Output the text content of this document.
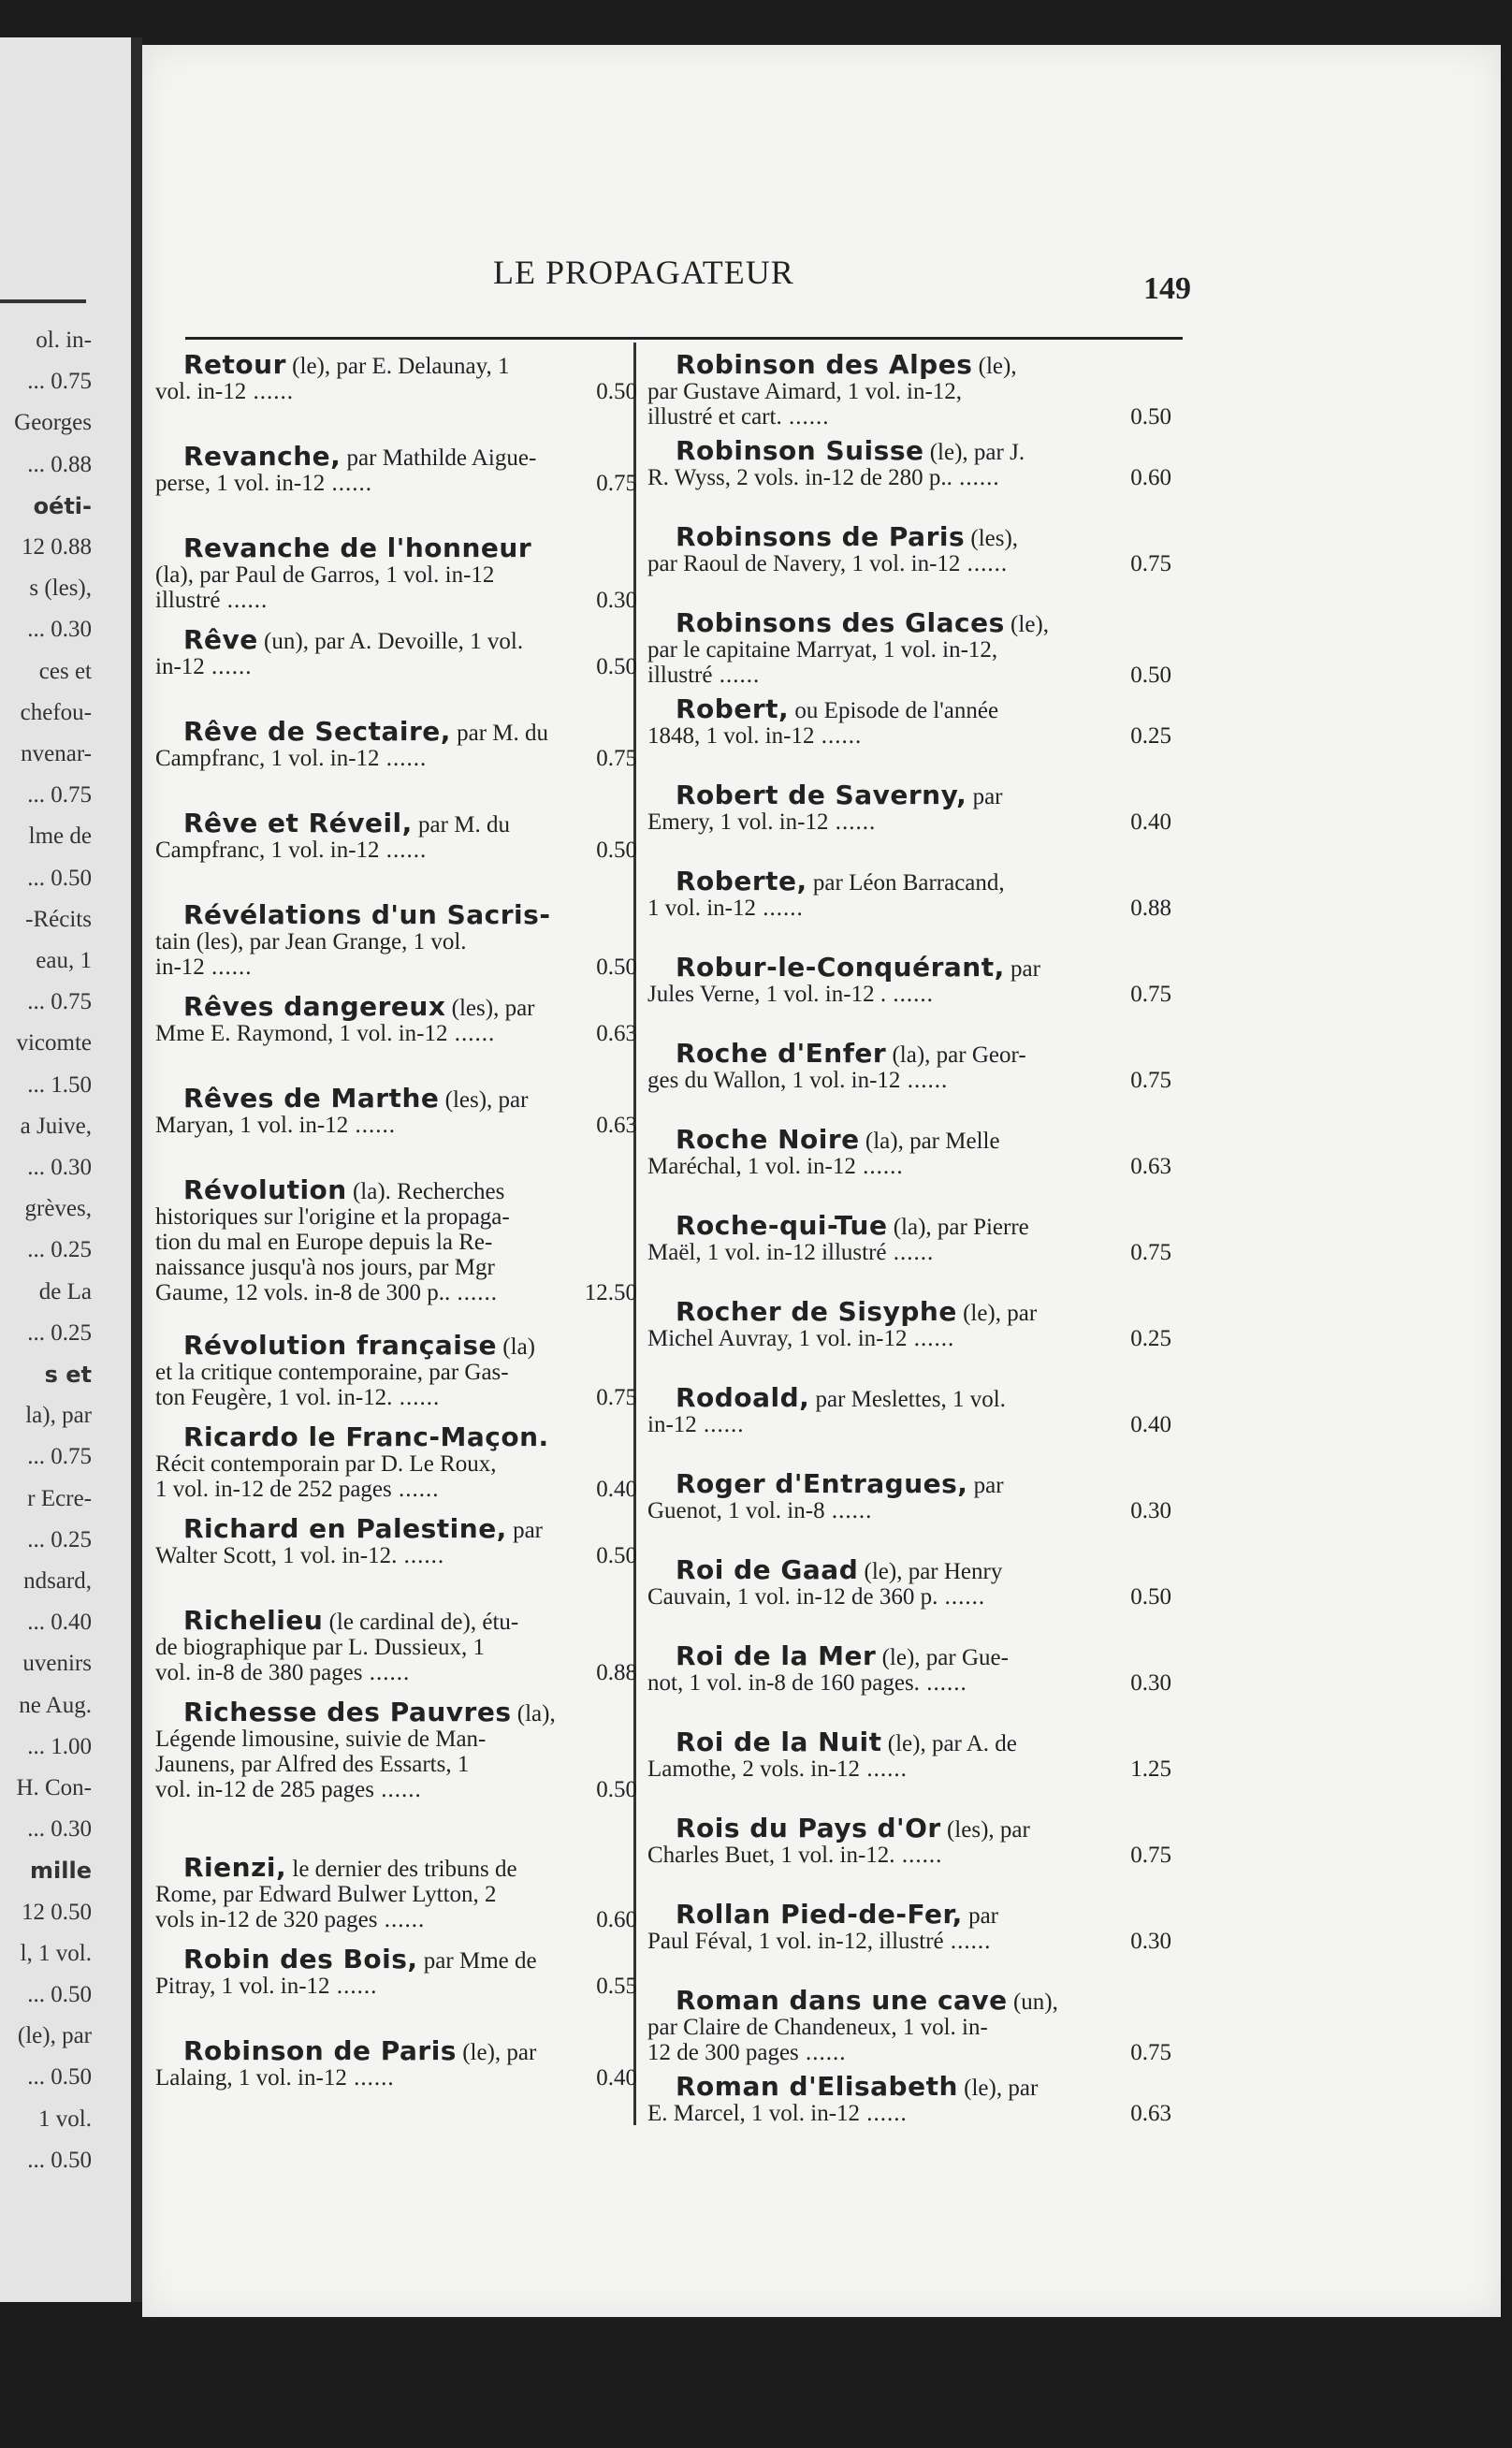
ol. in-
... 0.75
Georges
... 0.88
oéti-
12 0.88
s (les),
... 0.30
ces et
chefou-
nvenar-
... 0.75
lme de
... 0.50
-Récits
eau, 1
... 0.75
vicomte
... 1.50
a Juive,
... 0.30
grèves,
... 0.25
de La
... 0.25
s et
la), par
... 0.75
r Ecre-
... 0.25
ndsard,
... 0.40
uvenirs
ne Aug.
... 1.00
H. Con-
... 0.30
mille
12 0.50
l, 1 vol.
... 0.50
(le), par
... 0.50
1 vol.
... 0.50
LE PROPAGATEUR	149

Retour (le), par E. Delaunay, 1

vol. in-12 ......	0.50

Revanche, par Mathilde Aigue-

perse, 1 vol. in-12 ......	0.75

Revanche de l'honneur

(la), par Paul de Garros, 1 vol. in-12

illustré ......	0.30

Rêve (un), par A. Devoille, 1 vol.

in-12 ......	0.50

Rêve de Sectaire, par M. du

Campfranc, 1 vol. in-12 ......	0.75

Rêve et Réveil, par M. du

Campfranc, 1 vol. in-12 ......	0.50

Révélations d'un Sacris-

tain (les), par Jean Grange, 1 vol.

in-12 ......	0.50

Rêves dangereux (les), par

Mme E. Raymond, 1 vol. in-12 ......	0.63

Rêves de Marthe (les), par

Maryan, 1 vol. in-12 ......	0.63

Révolution (la). Recherches

historiques sur l'origine et la propaga-

tion du mal en Europe depuis la Re-

naissance jusqu'à nos jours, par Mgr

Gaume, 12 vols. in-8 de 300 p.. ......	12.50

Révolution française (la)

et la critique contemporaine, par Gas-

ton Feugère, 1 vol. in-12. ......	0.75

Ricardo le Franc-Maçon.

Récit contemporain par D. Le Roux,

1 vol. in-12 de 252 pages ......	0.40

Richard en Palestine, par

Walter Scott, 1 vol. in-12. ......	0.50

Richelieu (le cardinal de), étu-

de biographique par L. Dussieux, 1

vol. in-8 de 380 pages ......	0.88

Richesse des Pauvres (la),

Légende limousine, suivie de Man-

Jaunens, par Alfred des Essarts, 1

vol. in-12 de 285 pages ......	0.50

Rienzi, le dernier des tribuns de

Rome, par Edward Bulwer Lytton, 2

vols in-12 de 320 pages ......	0.60

Robin des Bois, par Mme de

Pitray, 1 vol. in-12 ......	0.55

Robinson de Paris (le), par

Lalaing, 1 vol. in-12 ......	0.40

Robinson des Alpes (le),

par Gustave Aimard, 1 vol. in-12,

illustré et cart. ......	0.50

Robinson Suisse (le), par J.

R. Wyss, 2 vols. in-12 de 280 p.. ......	0.60

Robinsons de Paris (les),

par Raoul de Navery, 1 vol. in-12 ......	0.75

Robinsons des Glaces (le),

par le capitaine Marryat, 1 vol. in-12,

illustré ......	0.50

Robert, ou Episode de l'année

1848, 1 vol. in-12 ......	0.25

Robert de Saverny, par

Emery, 1 vol. in-12 ......	0.40

Roberte, par Léon Barracand,

1 vol. in-12 ......	0.88

Robur-le-Conquérant, par

Jules Verne, 1 vol. in-12 . ......	0.75

Roche d'Enfer (la), par Geor-

ges du Wallon, 1 vol. in-12 ......	0.75

Roche Noire (la), par Melle

Maréchal, 1 vol. in-12 ......	0.63

Roche-qui-Tue (la), par Pierre

Maël, 1 vol. in-12 illustré ......	0.75

Rocher de Sisyphe (le), par

Michel Auvray, 1 vol. in-12 ......	0.25

Rodoald, par Meslettes, 1 vol.

in-12 ......	0.40

Roger d'Entragues, par

Guenot, 1 vol. in-8 ......	0.30

Roi de Gaad (le), par Henry

Cauvain, 1 vol. in-12 de 360 p. ......	0.50

Roi de la Mer (le), par Gue-

not, 1 vol. in-8 de 160 pages. ......	0.30

Roi de la Nuit (le), par A. de

Lamothe, 2 vols. in-12 ......	1.25

Rois du Pays d'Or (les), par

Charles Buet, 1 vol. in-12. ......	0.75

Rollan Pied-de-Fer, par

Paul Féval, 1 vol. in-12, illustré ......	0.30

Roman dans une cave (un),

par Claire de Chandeneux, 1 vol. in-

12 de 300 pages ......	0.75

Roman d'Elisabeth (le), par

E. Marcel, 1 vol. in-12 ......	0.63
